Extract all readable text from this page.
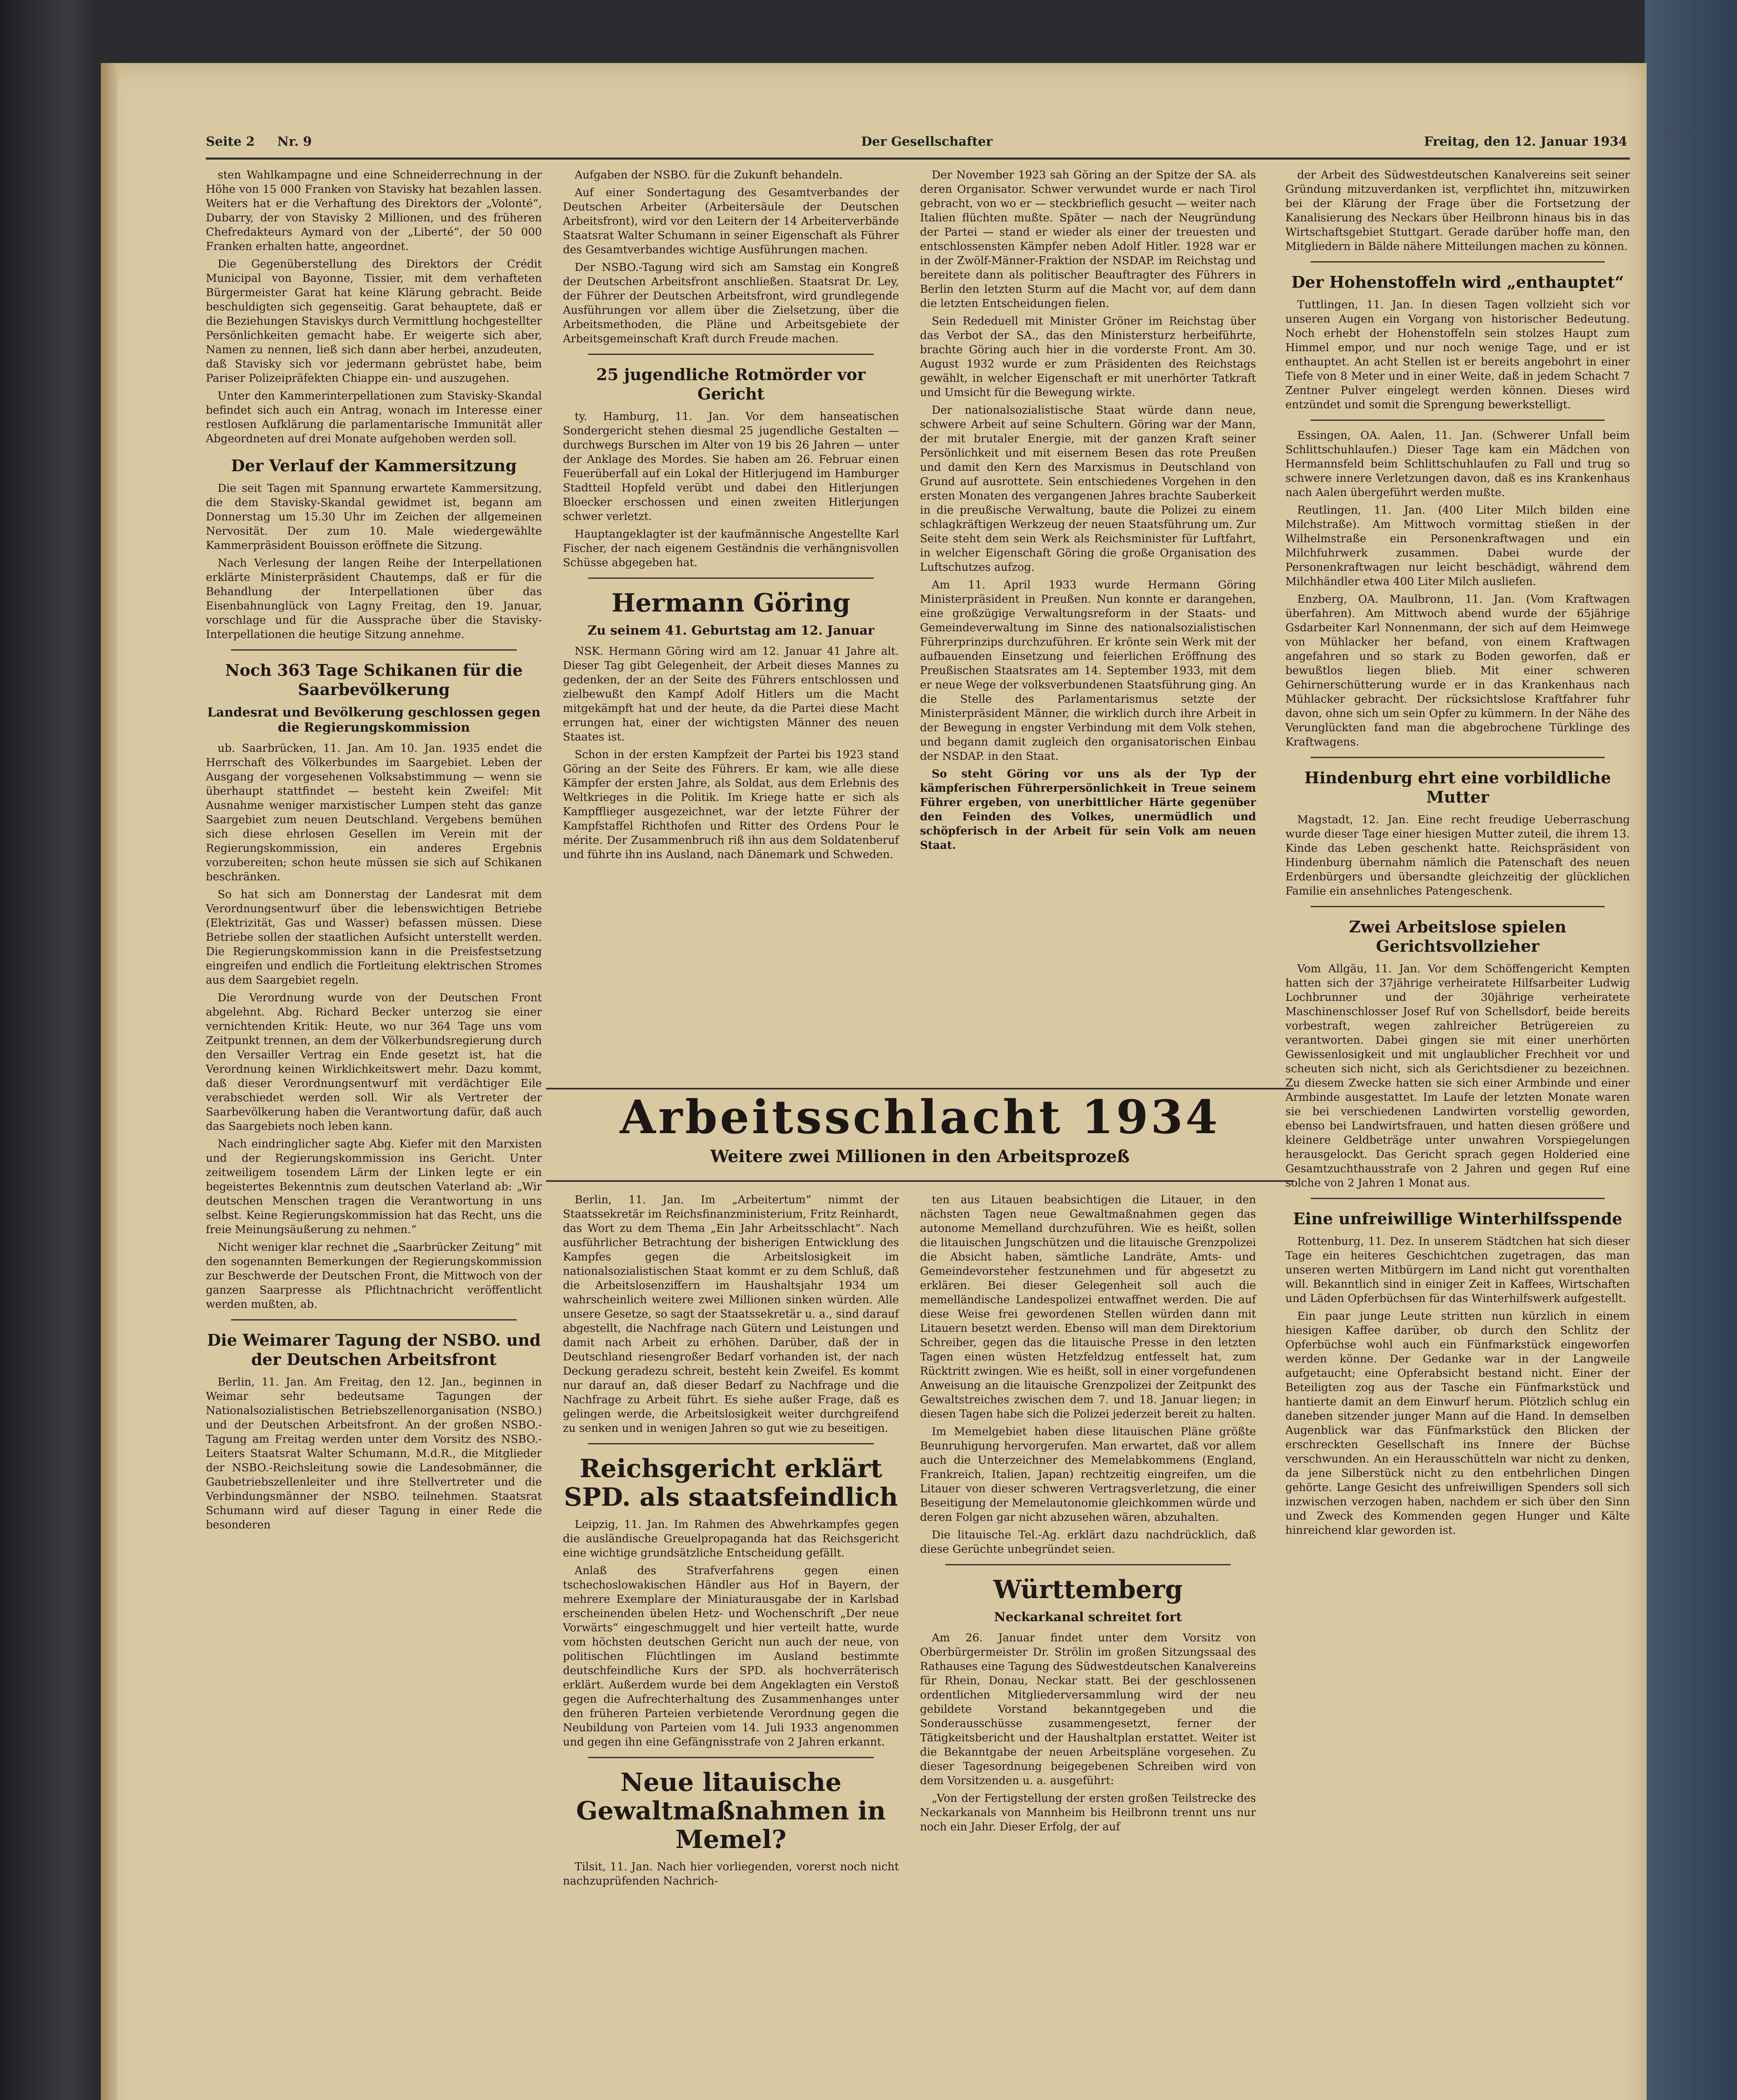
Seite
Seite 2 Nr. 9	Der Gesellschafter	Freitag, den 12. Januar 1934

sten Wahlkampagne und eine Schneiderrechnung in der Höhe von 15 000 Franken von Stavisky hat bezahlen lassen. Weiters hat er die Verhaftung des Direktors der „Volonté“, Dubarry, der von Stavisky 2 Millionen, und des früheren Chefredakteurs Aymard von der „Liberté“, der 50 000 Franken erhalten hatte, angeordnet.

Die Gegenüberstellung des Direktors der Crédit Municipal von Bayonne, Tissier, mit dem verhafteten Bürgermeister Garat hat keine Klärung gebracht. Beide beschuldigten sich gegenseitig. Garat behauptete, daß er die Beziehungen Staviskys durch Vermittlung hochgestellter Persönlichkeiten gemacht habe. Er weigerte sich aber, Namen zu nennen, ließ sich dann aber herbei, anzudeuten, daß Stavisky sich vor jedermann gebrüstet habe, beim Pariser Polizeipräfekten Chiappe ein- und auszugehen.

Unter den Kammerinterpellationen zum Stavisky-Skandal befindet sich auch ein Antrag, wonach im Interesse einer restlosen Aufklärung die parlamentarische Immunität aller Abgeordneten auf drei Monate aufgehoben werden soll.

Der Verlauf der Kammersitzung

Die seit Tagen mit Spannung erwartete Kammersitzung, die dem Stavisky-Skandal gewidmet ist, begann am Donnerstag um 15.30 Uhr im Zeichen der allgemeinen Nervosität. Der zum 10. Male wiedergewählte Kammerpräsident Bouisson eröffnete die Sitzung.

Nach Verlesung der langen Reihe der Interpellationen erklärte Ministerpräsident Chautemps, daß er für die Behandlung der Interpellationen über das Eisenbahnunglück von Lagny Freitag, den 19. Januar, vorschlage und für die Aussprache über die Stavisky-Interpellationen die heutige Sitzung annehme.

Noch 363 Tage Schikanen für die Saarbevölkerung
Landesrat und Bevölkerung geschlossen gegen die Regierungskommission

ub. Saarbrücken, 11. Jan. Am 10. Jan. 1935 endet die Herrschaft des Völkerbundes im Saargebiet. Leben der Ausgang der vorgesehenen Volksabstimmung — wenn sie überhaupt stattfindet — besteht kein Zweifel: Mit Ausnahme weniger marxistischer Lumpen steht das ganze Saargebiet zum neuen Deutschland. Vergebens bemühen sich diese ehrlosen Gesellen im Verein mit der Regierungskommission, ein anderes Ergebnis vorzubereiten; schon heute müssen sie sich auf Schikanen beschränken.

So hat sich am Donnerstag der Landesrat mit dem Verordnungsentwurf über die lebenswichtigen Betriebe (Elektrizität, Gas und Wasser) befassen müssen. Diese Betriebe sollen der staatlichen Aufsicht unterstellt werden. Die Regierungskommission kann in die Preisfestsetzung eingreifen und endlich die Fortleitung elektrischen Stromes aus dem Saargebiet regeln.

Die Verordnung wurde von der Deutschen Front abgelehnt. Abg. Richard Becker unterzog sie einer vernichtenden Kritik: Heute, wo nur 364 Tage uns vom Zeitpunkt trennen, an dem der Völkerbundsregierung durch den Versailler Vertrag ein Ende gesetzt ist, hat die Verordnung keinen Wirklichkeitswert mehr. Dazu kommt, daß dieser Verordnungsentwurf mit verdächtiger Eile verabschiedet werden soll. Wir als Vertreter der Saarbevölkerung haben die Verantwortung dafür, daß auch das Saargebiets noch leben kann.

Nach eindringlicher sagte Abg. Kiefer mit den Marxisten und der Regierungskommission ins Gericht. Unter zeitweiligem tosendem Lärm der Linken legte er ein begeistertes Bekenntnis zum deutschen Vaterland ab: „Wir deutschen Menschen tragen die Verantwortung in uns selbst. Keine Regierungskommission hat das Recht, uns die freie Meinungsäußerung zu nehmen.“

Nicht weniger klar rechnet die „Saarbrücker Zeitung“ mit den sogenannten Bemerkungen der Regierungskommission zur Beschwerde der Deutschen Front, die Mittwoch von der ganzen Saarpresse als Pflichtnachricht veröffentlicht werden mußten, ab.

Die Weimarer Tagung der NSBO. und der Deutschen Arbeitsfront

Berlin, 11. Jan. Am Freitag, den 12. Jan., beginnen in Weimar sehr bedeutsame Tagungen der Nationalsozialistischen Betriebszellenorganisation (NSBO.) und der Deutschen Arbeitsfront. An der großen NSBO.-Tagung am Freitag werden unter dem Vorsitz des NSBO.-Leiters Staatsrat Walter Schumann, M.d.R., die Mitglieder der NSBO.-Reichsleitung sowie die Landesobmänner, die Gaubetriebszellenleiter und ihre Stellvertreter und die Verbindungsmänner der NSBO. teilnehmen. Staatsrat Schumann wird auf dieser Tagung in einer Rede die besonderen

Aufgaben der NSBO. für die Zukunft behandeln.

Auf einer Sondertagung des Gesamtverbandes der Deutschen Arbeiter (Arbeitersäule der Deutschen Arbeitsfront), wird vor den Leitern der 14 Arbeiterverbände Staatsrat Walter Schumann in seiner Eigenschaft als Führer des Gesamtverbandes wichtige Ausführungen machen.

Der NSBO.-Tagung wird sich am Samstag ein Kongreß der Deutschen Arbeitsfront anschließen. Staatsrat Dr. Ley, der Führer der Deutschen Arbeitsfront, wird grundlegende Ausführungen vor allem über die Zielsetzung, über die Arbeitsmethoden, die Pläne und Arbeitsgebiete der Arbeitsgemeinschaft Kraft durch Freude machen.

25 jugendliche Rotmörder vor Gericht

ty. Hamburg, 11. Jan. Vor dem hanseatischen Sondergericht stehen diesmal 25 jugendliche Gestalten — durchwegs Burschen im Alter von 19 bis 26 Jahren — unter der Anklage des Mordes. Sie haben am 26. Februar einen Feuerüberfall auf ein Lokal der Hitlerjugend im Hamburger Stadtteil Hopfeld verübt und dabei den Hitlerjungen Bloecker erschossen und einen zweiten Hitlerjungen schwer verletzt.

Hauptangeklagter ist der kaufmännische Angestellte Karl Fischer, der nach eigenem Geständnis die verhängnisvollen Schüsse abgegeben hat.

Hermann Göring
Zu seinem 41. Geburtstag am 12. Januar

NSK. Hermann Göring wird am 12. Januar 41 Jahre alt. Dieser Tag gibt Gelegenheit, der Arbeit dieses Mannes zu gedenken, der an der Seite des Führers entschlossen und zielbewußt den Kampf Adolf Hitlers um die Macht mitgekämpft hat und der heute, da die Partei diese Macht errungen hat, einer der wichtigsten Männer des neuen Staates ist.

Schon in der ersten Kampfzeit der Partei bis 1923 stand Göring an der Seite des Führers. Er kam, wie alle diese Kämpfer der ersten Jahre, als Soldat, aus dem Erlebnis des Weltkrieges in die Politik. Im Kriege hatte er sich als Kampfflieger ausgezeichnet, war der letzte Führer der Kampfstaffel Richthofen und Ritter des Ordens Pour le mérite. Der Zusammenbruch riß ihn aus dem Soldatenberuf und führte ihn ins Ausland, nach Dänemark und Schweden.

Der November 1923 sah Göring an der Spitze der SA. als deren Organisator. Schwer verwundet wurde er nach Tirol gebracht, von wo er — steckbrieflich gesucht — weiter nach Italien flüchten mußte. Später — nach der Neugründung der Partei — stand er wieder als einer der treuesten und entschlossensten Kämpfer neben Adolf Hitler. 1928 war er in der Zwölf-Männer-Fraktion der NSDAP. im Reichstag und bereitete dann als politischer Beauftragter des Führers in Berlin den letzten Sturm auf die Macht vor, auf dem dann die letzten Entscheidungen fielen.

Sein Rededuell mit Minister Gröner im Reichstag über das Verbot der SA., das den Ministersturz herbeiführte, brachte Göring auch hier in die vorderste Front. Am 30. August 1932 wurde er zum Präsidenten des Reichstags gewählt, in welcher Eigenschaft er mit unerhörter Tatkraft und Umsicht für die Bewegung wirkte.

Der nationalsozialistische Staat würde dann neue, schwere Arbeit auf seine Schultern. Göring war der Mann, der mit brutaler Energie, mit der ganzen Kraft seiner Persönlichkeit und mit eisernem Besen das rote Preußen und damit den Kern des Marxismus in Deutschland von Grund auf ausrottete. Sein entschiedenes Vorgehen in den ersten Monaten des vergangenen Jahres brachte Sauberkeit in die preußische Verwaltung, baute die Polizei zu einem schlagkräftigen Werkzeug der neuen Staatsführung um. Zur Seite steht dem sein Werk als Reichsminister für Luftfahrt, in welcher Eigenschaft Göring die große Organisation des Luftschutzes aufzog.

Am 11. April 1933 wurde Hermann Göring Ministerpräsident in Preußen. Nun konnte er darangehen, eine großzügige Verwaltungsreform in der Staats- und Gemeindeverwaltung im Sinne des nationalsozialistischen Führerprinzips durchzuführen. Er krönte sein Werk mit der aufbauenden Einsetzung und feierlichen Eröffnung des Preußischen Staatsrates am 14. September 1933, mit dem er neue Wege der volksverbundenen Staatsführung ging. An die Stelle des Parlamentarismus setzte der Ministerpräsident Männer, die wirklich durch ihre Arbeit in der Bewegung in engster Verbindung mit dem Volk stehen, und begann damit zugleich den organisatorischen Einbau der NSDAP. in den Staat.

So steht Göring vor uns als der Typ der kämpferischen Führerpersönlichkeit in Treue seinem Führer ergeben, von unerbittlicher Härte gegenüber den Feinden des Volkes, unermüdlich und schöpferisch in der Arbeit für sein Volk am neuen Staat.

Arbeitsschlacht 1934
Weitere zwei Millionen in den Arbeitsprozeß

Berlin, 11. Jan. Im „Arbeitertum“ nimmt der Staatssekretär im Reichsfinanzministerium, Fritz Reinhardt, das Wort zu dem Thema „Ein Jahr Arbeitsschlacht“. Nach ausführlicher Betrachtung der bisherigen Entwicklung des Kampfes gegen die Arbeitslosigkeit im nationalsozialistischen Staat kommt er zu dem Schluß, daß die Arbeitslosenziffern im Haushaltsjahr 1934 um wahrscheinlich weitere zwei Millionen sinken würden. Alle unsere Gesetze, so sagt der Staatssekretär u. a., sind darauf abgestellt, die Nachfrage nach Gütern und Leistungen und damit nach Arbeit zu erhöhen. Darüber, daß der in Deutschland riesengroßer Bedarf vorhanden ist, der nach Deckung geradezu schreit, besteht kein Zweifel. Es kommt nur darauf an, daß dieser Bedarf zu Nachfrage und die Nachfrage zu Arbeit führt. Es siehe außer Frage, daß es gelingen werde, die Arbeitslosigkeit weiter durchgreifend zu senken und in wenigen Jahren so gut wie zu beseitigen.

Reichsgericht erklärt SPD. als staatsfeindlich

Leipzig, 11. Jan. Im Rahmen des Abwehrkampfes gegen die ausländische Greuelpropaganda hat das Reichsgericht eine wichtige grundsätzliche Entscheidung gefällt.

Anlaß des Strafverfahrens gegen einen tschechoslowakischen Händler aus Hof in Bayern, der mehrere Exemplare der Miniaturausgabe der in Karlsbad erscheinenden übelen Hetz- und Wochenschrift „Der neue Vorwärts“ eingeschmuggelt und hier verteilt hatte, wurde vom höchsten deutschen Gericht nun auch der neue, von politischen Flüchtlingen im Ausland bestimmte deutschfeindliche Kurs der SPD. als hochverräterisch erklärt. Außerdem wurde bei dem Angeklagten ein Verstoß gegen die Aufrechterhaltung des Zusammenhanges unter den früheren Parteien verbietende Verordnung gegen die Neubildung von Parteien vom 14. Juli 1933 angenommen und gegen ihn eine Gefängnisstrafe von 2 Jahren erkannt.

Neue litauische Gewaltmaßnahmen in Memel?

Tilsit, 11. Jan. Nach hier vorliegenden, vorerst noch nicht nachzuprüfenden Nachrich-

ten aus Litauen beabsichtigen die Litauer, in den nächsten Tagen neue Gewaltmaßnahmen gegen das autonome Memelland durchzuführen. Wie es heißt, sollen die litauischen Jungschützen und die litauische Grenzpolizei die Absicht haben, sämtliche Landräte, Amts- und Gemeindevorsteher festzunehmen und für abgesetzt zu erklären. Bei dieser Gelegenheit soll auch die memelländische Landespolizei entwaffnet werden. Die auf diese Weise frei gewordenen Stellen würden dann mit Litauern besetzt werden. Ebenso will man dem Direktorium Schreiber, gegen das die litauische Presse in den letzten Tagen einen wüsten Hetzfeldzug entfesselt hat, zum Rücktritt zwingen. Wie es heißt, soll in einer vorgefundenen Anweisung an die litauische Grenzpolizei der Zeitpunkt des Gewaltstreiches zwischen dem 7. und 18. Januar liegen; in diesen Tagen habe sich die Polizei jederzeit bereit zu halten.

Im Memelgebiet haben diese litauischen Pläne größte Beunruhigung hervorgerufen. Man erwartet, daß vor allem auch die Unterzeichner des Memelabkommens (England, Frankreich, Italien, Japan) rechtzeitig eingreifen, um die Litauer von dieser schweren Vertragsverletzung, die einer Beseitigung der Memelautonomie gleichkommen würde und deren Folgen gar nicht abzusehen wären, abzuhalten.

Die litauische Tel.-Ag. erklärt dazu nachdrücklich, daß diese Gerüchte unbegründet seien.

Württemberg
Neckarkanal schreitet fort

Am 26. Januar findet unter dem Vorsitz von Oberbürgermeister Dr. Strölin im großen Sitzungssaal des Rathauses eine Tagung des Südwestdeutschen Kanalvereins für Rhein, Donau, Neckar statt. Bei der geschlossenen ordentlichen Mitgliederversammlung wird der neu gebildete Vorstand bekanntgegeben und die Sonderausschüsse zusammengesetzt, ferner der Tätigkeitsbericht und der Haushaltplan erstattet. Weiter ist die Bekanntgabe der neuen Arbeitspläne vorgesehen. Zu dieser Tagesordnung beigegebenen Schreiben wird von dem Vorsitzenden u. a. ausgeführt:

„Von der Fertigstellung der ersten großen Teilstrecke des Neckarkanals von Mannheim bis Heilbronn trennt uns nur noch ein Jahr. Dieser Erfolg, der auf

der Arbeit des Südwestdeutschen Kanalvereins seit seiner Gründung mitzuverdanken ist, verpflichtet ihn, mitzuwirken bei der Klärung der Frage über die Fortsetzung der Kanalisierung des Neckars über Heilbronn hinaus bis in das Wirtschaftsgebiet Stuttgart. Gerade darüber hoffe man, den Mitgliedern in Bälde nähere Mitteilungen machen zu können.

Der Hohenstoffeln wird „enthauptet“

Tuttlingen, 11. Jan. In diesen Tagen vollzieht sich vor unseren Augen ein Vorgang von historischer Bedeutung. Noch erhebt der Hohenstoffeln sein stolzes Haupt zum Himmel empor, und nur noch wenige Tage, und er ist enthauptet. An acht Stellen ist er bereits angebohrt in einer Tiefe von 8 Meter und in einer Weite, daß in jedem Schacht 7 Zentner Pulver eingelegt werden können. Dieses wird entzündet und somit die Sprengung bewerkstelligt.

Essingen, OA. Aalen, 11. Jan. (Schwerer Unfall beim Schlittschuhlaufen.) Dieser Tage kam ein Mädchen von Hermannsfeld beim Schlittschuhlaufen zu Fall und trug so schwere innere Verletzungen davon, daß es ins Krankenhaus nach Aalen übergeführt werden mußte.

Reutlingen, 11. Jan. (400 Liter Milch bilden eine Milchstraße). Am Mittwoch vormittag stießen in der Wilhelmstraße ein Personenkraftwagen und ein Milchfuhrwerk zusammen. Dabei wurde der Personenkraftwagen nur leicht beschädigt, während dem Milchhändler etwa 400 Liter Milch ausliefen.

Enzberg, OA. Maulbronn, 11. Jan. (Vom Kraftwagen überfahren). Am Mittwoch abend wurde der 65jährige Gsdarbeiter Karl Nonnenmann, der sich auf dem Heimwege von Mühlacker her befand, von einem Kraftwagen angefahren und so stark zu Boden geworfen, daß er bewußtlos liegen blieb. Mit einer schweren Gehirnerschütterung wurde er in das Krankenhaus nach Mühlacker gebracht. Der rücksichtslose Kraftfahrer fuhr davon, ohne sich um sein Opfer zu kümmern. In der Nähe des Verunglückten fand man die abgebrochene Türklinge des Kraftwagens.

Hindenburg ehrt eine vorbildliche Mutter

Magstadt, 12. Jan. Eine recht freudige Ueberraschung wurde dieser Tage einer hiesigen Mutter zuteil, die ihrem 13. Kinde das Leben geschenkt hatte. Reichspräsident von Hindenburg übernahm nämlich die Patenschaft des neuen Erdenbürgers und übersandte gleichzeitig der glücklichen Familie ein ansehnliches Patengeschenk.

Zwei Arbeitslose spielen Gerichtsvollzieher

Vom Allgäu, 11. Jan. Vor dem Schöffengericht Kempten hatten sich der 37jährige verheiratete Hilfsarbeiter Ludwig Lochbrunner und der 30jährige verheiratete Maschinenschlosser Josef Ruf von Schellsdorf, beide bereits vorbestraft, wegen zahlreicher Betrügereien zu verantworten. Dabei gingen sie mit einer unerhörten Gewissenlosigkeit und mit unglaublicher Frechheit vor und scheuten sich nicht, sich als Gerichtsdiener zu bezeichnen. Zu diesem Zwecke hatten sie sich einer Armbinde und einer Armbinde ausgestattet. Im Laufe der letzten Monate waren sie bei verschiedenen Landwirten vorstellig geworden, ebenso bei Landwirtsfrauen, und hatten diesen größere und kleinere Geldbeträge unter unwahren Vorspiegelungen herausgelockt. Das Gericht sprach gegen Holderied eine Gesamtzuchthausstrafe von 2 Jahren und gegen Ruf eine solche von 2 Jahren 1 Monat aus.

Eine unfreiwillige Winterhilfsspende

Rottenburg, 11. Dez. In unserem Städtchen hat sich dieser Tage ein heiteres Geschichtchen zugetragen, das man unseren werten Mitbürgern im Land nicht gut vorenthalten will. Bekanntlich sind in einiger Zeit in Kaffees, Wirtschaften und Läden Opferbüchsen für das Winterhilfswerk aufgestellt.

Ein paar junge Leute stritten nun kürzlich in einem hiesigen Kaffee darüber, ob durch den Schlitz der Opferbüchse wohl auch ein Fünfmarkstück eingeworfen werden könne. Der Gedanke war in der Langweile aufgetaucht; eine Opferabsicht bestand nicht. Einer der Beteiligten zog aus der Tasche ein Fünfmarkstück und hantierte damit an dem Einwurf herum. Plötzlich schlug ein daneben sitzender junger Mann auf die Hand. In demselben Augenblick war das Fünfmarkstück den Blicken der erschreckten Gesellschaft ins Innere der Büchse verschwunden. An ein Herausschütteln war nicht zu denken, da jene Silberstück nicht zu den entbehrlichen Dingen gehörte. Lange Gesicht des unfreiwilligen Spenders soll sich inzwischen verzogen haben, nachdem er sich über den Sinn und Zweck des Kommenden gegen Hunger und Kälte hinreichend klar geworden ist.
